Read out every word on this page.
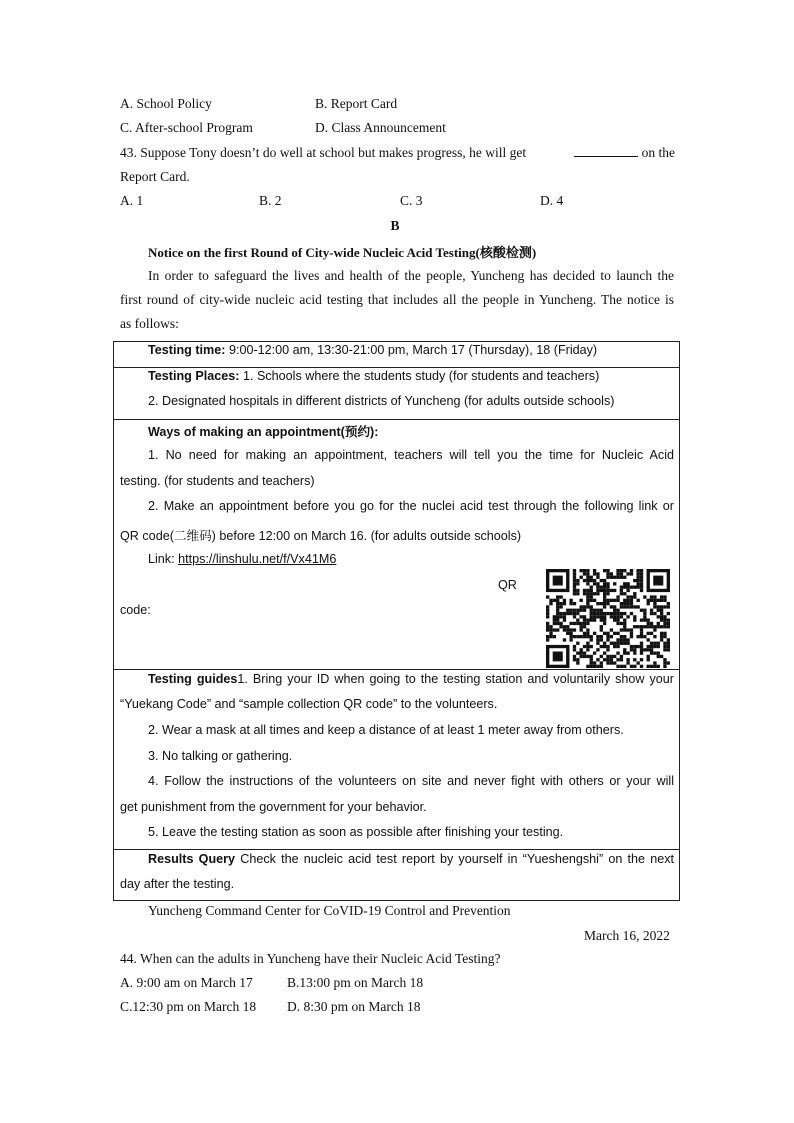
A. School Policy	B. Report Card
C. After-school Program	D. Class Announcement
43. Suppose Tony doesn’t do well at school but makes progress, he will get	on the
Report Card.
A. 1	B. 2	C. 3	D. 4
B
Notice on the first Round of City-wide Nucleic Acid Testing(核酸检测)
In order to safeguard the lives and health of the people, Yuncheng has decided to launch the
first round of city-wide nucleic acid testing that includes all the people in Yuncheng. The notice is
as follows:
Testing time: 9:00-12:00 am, 13:30-21:00 pm, March 17 (Thursday), 18 (Friday)
Testing Places: 1. Schools where the students study (for students and teachers)
2. Designated hospitals in different districts of Yuncheng (for adults outside schools)
Ways of making an appointment(预约):
1. No need for making an appointment, teachers will tell you the time for Nucleic Acid
testing. (for students and teachers)
2. Make an appointment before you go for the nuclei acid test through the following link or
QR code(二维码) before 12:00 on March 16. (for adults outside schools)
Link: https://linshulu.net/f/Vx41M6
QR
code:
Testing guides1. Bring your ID when going to the testing station and voluntarily show your
“Yuekang Code” and “sample collection QR code” to the volunteers.
2. Wear a mask at all times and keep a distance of at least 1 meter away from others.
3. No talking or gathering.
4. Follow the instructions of the volunteers on site and never fight with others or your will
get punishment from the government for your behavior.
5. Leave the testing station as soon as possible after finishing your testing.
Results Query Check the nucleic acid test report by yourself in “Yueshengshi” on the next
day after the testing.
Yuncheng Command Center for CoVID-19 Control and Prevention
March 16, 2022
44. When can the adults in Yuncheng have their Nucleic Acid Testing?
A. 9:00 am on March 17	B.13:00 pm on March 18
C.12:30 pm on March 18 D. 8:30 pm on March 18
